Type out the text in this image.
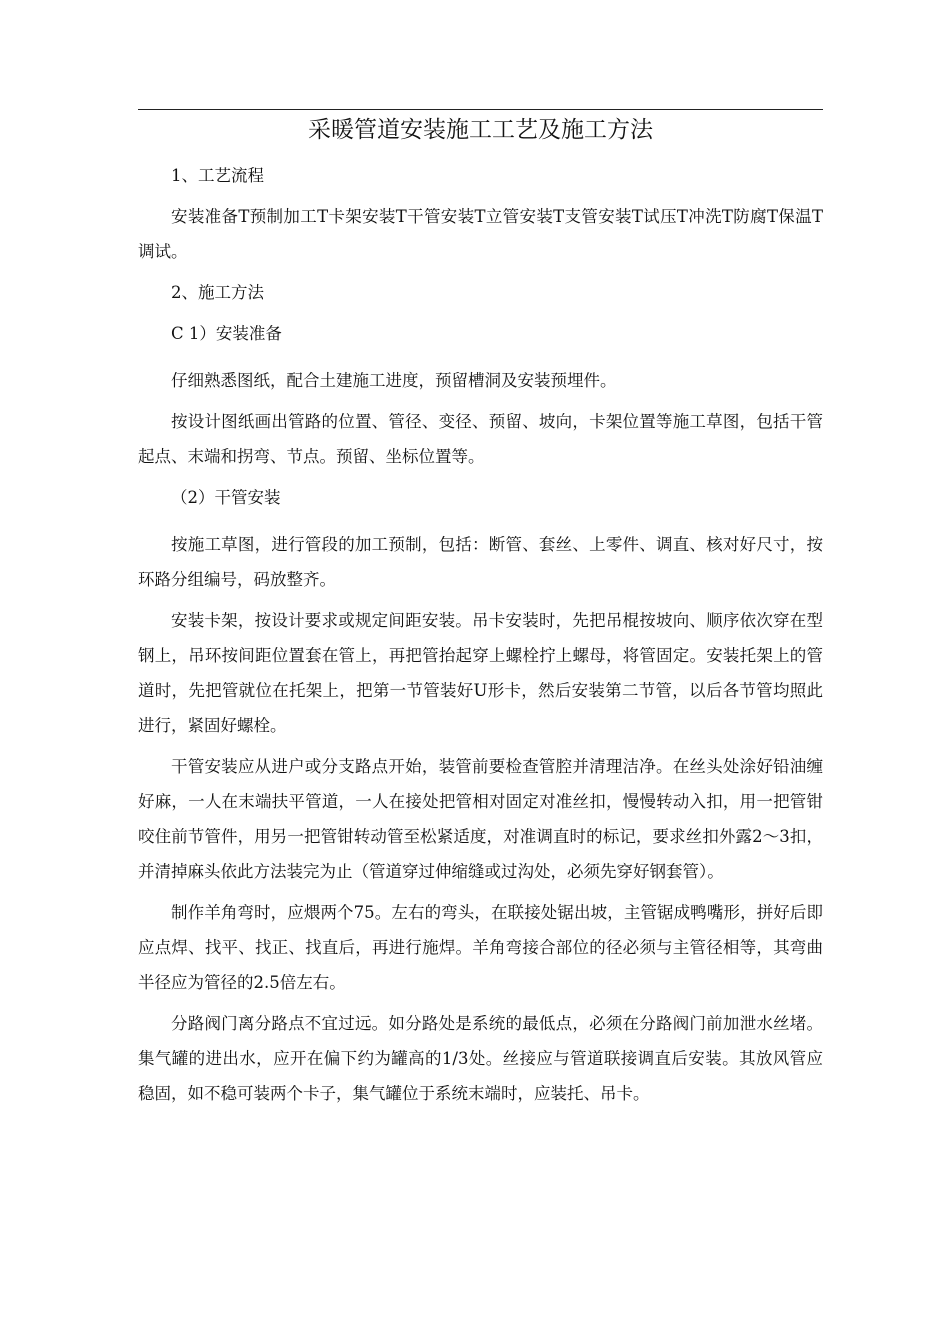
采暖管道安装施工工艺及施工方法

1、工艺流程

安装准备T预制加工T卡架安装T干管安装T立管安装T支管安装T试压T冲洗T防腐T保温T调试。

2、施工方法

C 1）安装准备

仔细熟悉图纸，配合土建施工进度，预留槽洞及安装预埋件。

按设计图纸画出管路的位置、管径、变径、预留、坡向，卡架位置等施工草图，包括干管起点、末端和拐弯、节点。预留、坐标位置等。

（2）干管安装

按施工草图，进行管段的加工预制，包括：断管、套丝、上零件、调直、核对好尺寸，按环路分组编号，码放整齐。

安装卡架，按设计要求或规定间距安装。吊卡安装时，先把吊棍按坡向、顺序依次穿在型钢上，吊环按间距位置套在管上，再把管抬起穿上螺栓拧上螺母，将管固定。安装托架上的管道时，先把管就位在托架上，把第一节管装好U形卡，然后安装第二节管，以后各节管均照此进行，紧固好螺栓。

干管安装应从进户或分支路点开始，装管前要检查管腔并清理洁净。在丝头处涂好铅油缠好麻，一人在末端扶平管道，一人在接处把管相对固定对准丝扣，慢慢转动入扣，用一把管钳咬住前节管件，用另一把管钳转动管至松紧适度，对准调直时的标记，要求丝扣外露2〜3扣，并清掉麻头依此方法装完为止（管道穿过伸缩缝或过沟处，必须先穿好钢套管）。

制作羊角弯时，应煨两个75。左右的弯头，在联接处锯出坡，主管锯成鸭嘴形，拼好后即应点焊、找平、找正、找直后，再进行施焊。羊角弯接合部位的径必须与主管径相等，其弯曲半径应为管径的2.5倍左右。

分路阀门离分路点不宜过远。如分路处是系统的最低点，必须在分路阀门前加泄水丝堵。集气罐的进出水，应开在偏下约为罐高的1/3处。丝接应与管道联接调直后安装。其放风管应稳固，如不稳可装两个卡子，集气罐位于系统末端时，应装托、吊卡。
